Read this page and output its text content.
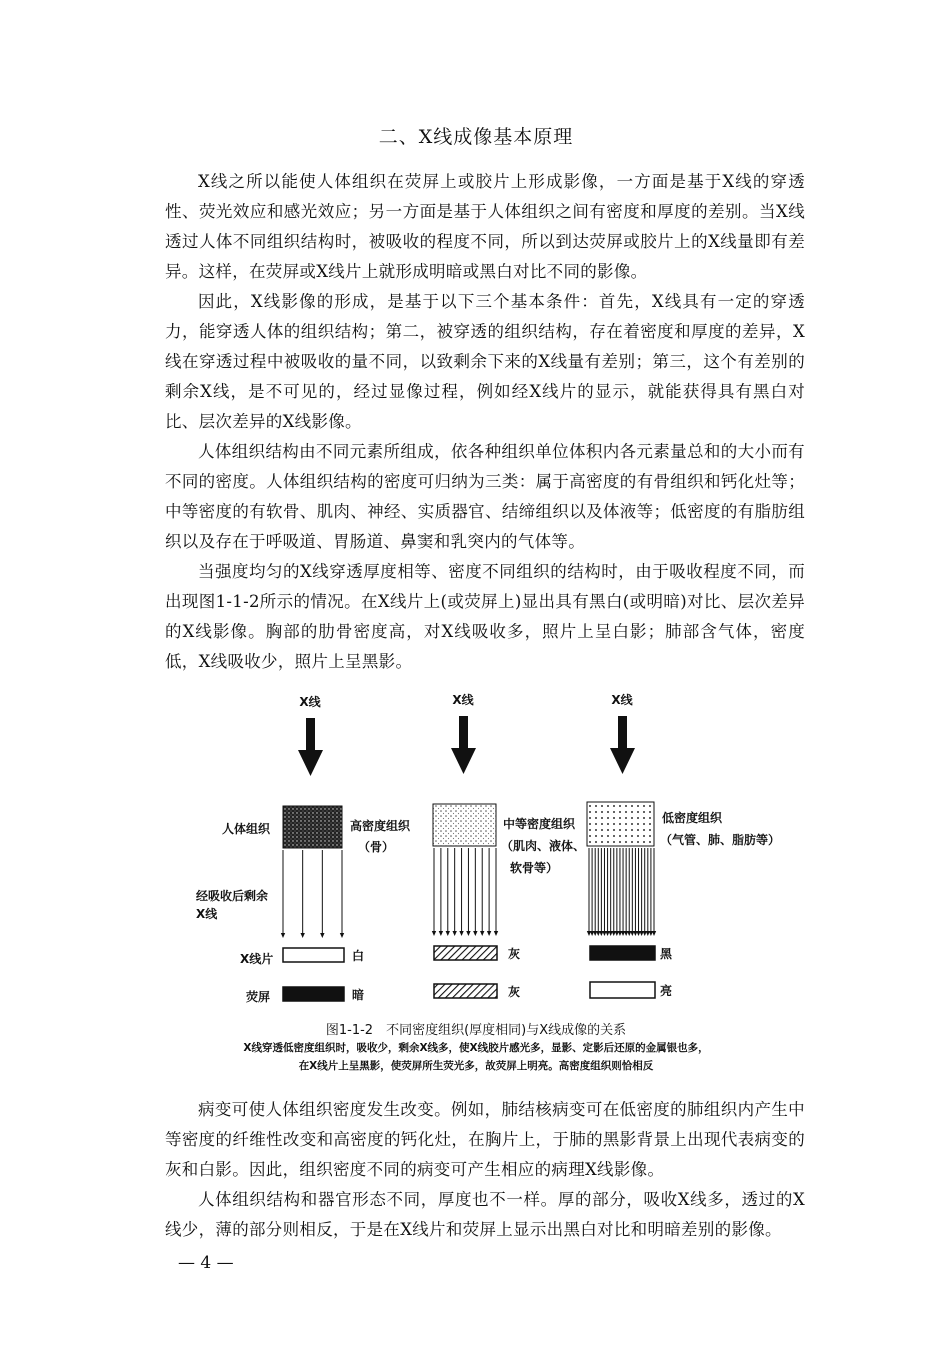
二、X线成像基本原理

X线之所以能使人体组织在荧屏上或胶片上形成影像，一方面是基于X线的穿透性、荧光效应和感光效应；另一方面是基于人体组织之间有密度和厚度的差别。当X线透过人体不同组织结构时，被吸收的程度不同，所以到达荧屏或胶片上的X线量即有差异。这样，在荧屏或X线片上就形成明暗或黑白对比不同的影像。

因此，X线影像的形成，是基于以下三个基本条件：首先，X线具有一定的穿透力，能穿透人体的组织结构；第二，被穿透的组织结构，存在着密度和厚度的差异，X线在穿透过程中被吸收的量不同，以致剩余下来的X线量有差别；第三，这个有差别的剩余X线，是不可见的，经过显像过程，例如经X线片的显示，就能获得具有黑白对比、层次差异的X线影像。

人体组织结构由不同元素所组成，依各种组织单位体积内各元素量总和的大小而有不同的密度。人体组织结构的密度可归纳为三类：属于高密度的有骨组织和钙化灶等；中等密度的有软骨、肌肉、神经、实质器官、结缔组织以及体液等；低密度的有脂肪组织以及存在于呼吸道、胃肠道、鼻窦和乳突内的气体等。

当强度均匀的X线穿透厚度相等、密度不同组织的结构时，由于吸收程度不同，而出现图1-1-2所示的情况。在X线片上(或荧屏上)显出具有黑白(或明暗)对比、层次差异的X线影像。胸部的肋骨密度高，对X线吸收多，照片上呈白影；肺部含气体，密度低，X线吸收少，照片上呈黑影。

X线	X线	X线
人体组织
经吸收后剩余
X线
X线片
荧屏
高密度组织
（骨）
中等密度组织
（肌肉、液体、
软骨等）
低密度组织
（气管、肺、脂肪等）
白	灰	黑
暗	灰	亮
图1-1-2　不同密度组织(厚度相同)与X线成像的关系
X线穿透低密度组织时，吸收少，剩余X线多，使X线胶片感光多，显影、定影后还原的金属银也多，
在X线片上呈黑影，使荧屏所生荧光多，故荧屏上明亮。高密度组织则恰相反

病变可使人体组织密度发生改变。例如，肺结核病变可在低密度的肺组织内产生中等密度的纤维性改变和高密度的钙化灶，在胸片上，于肺的黑影背景上出现代表病变的灰和白影。因此，组织密度不同的病变可产生相应的病理X线影像。

人体组织结构和器官形态不同，厚度也不一样。厚的部分，吸收X线多，透过的X线少，薄的部分则相反，于是在X线片和荧屏上显示出黑白对比和明暗差别的影像。

— 4 —
